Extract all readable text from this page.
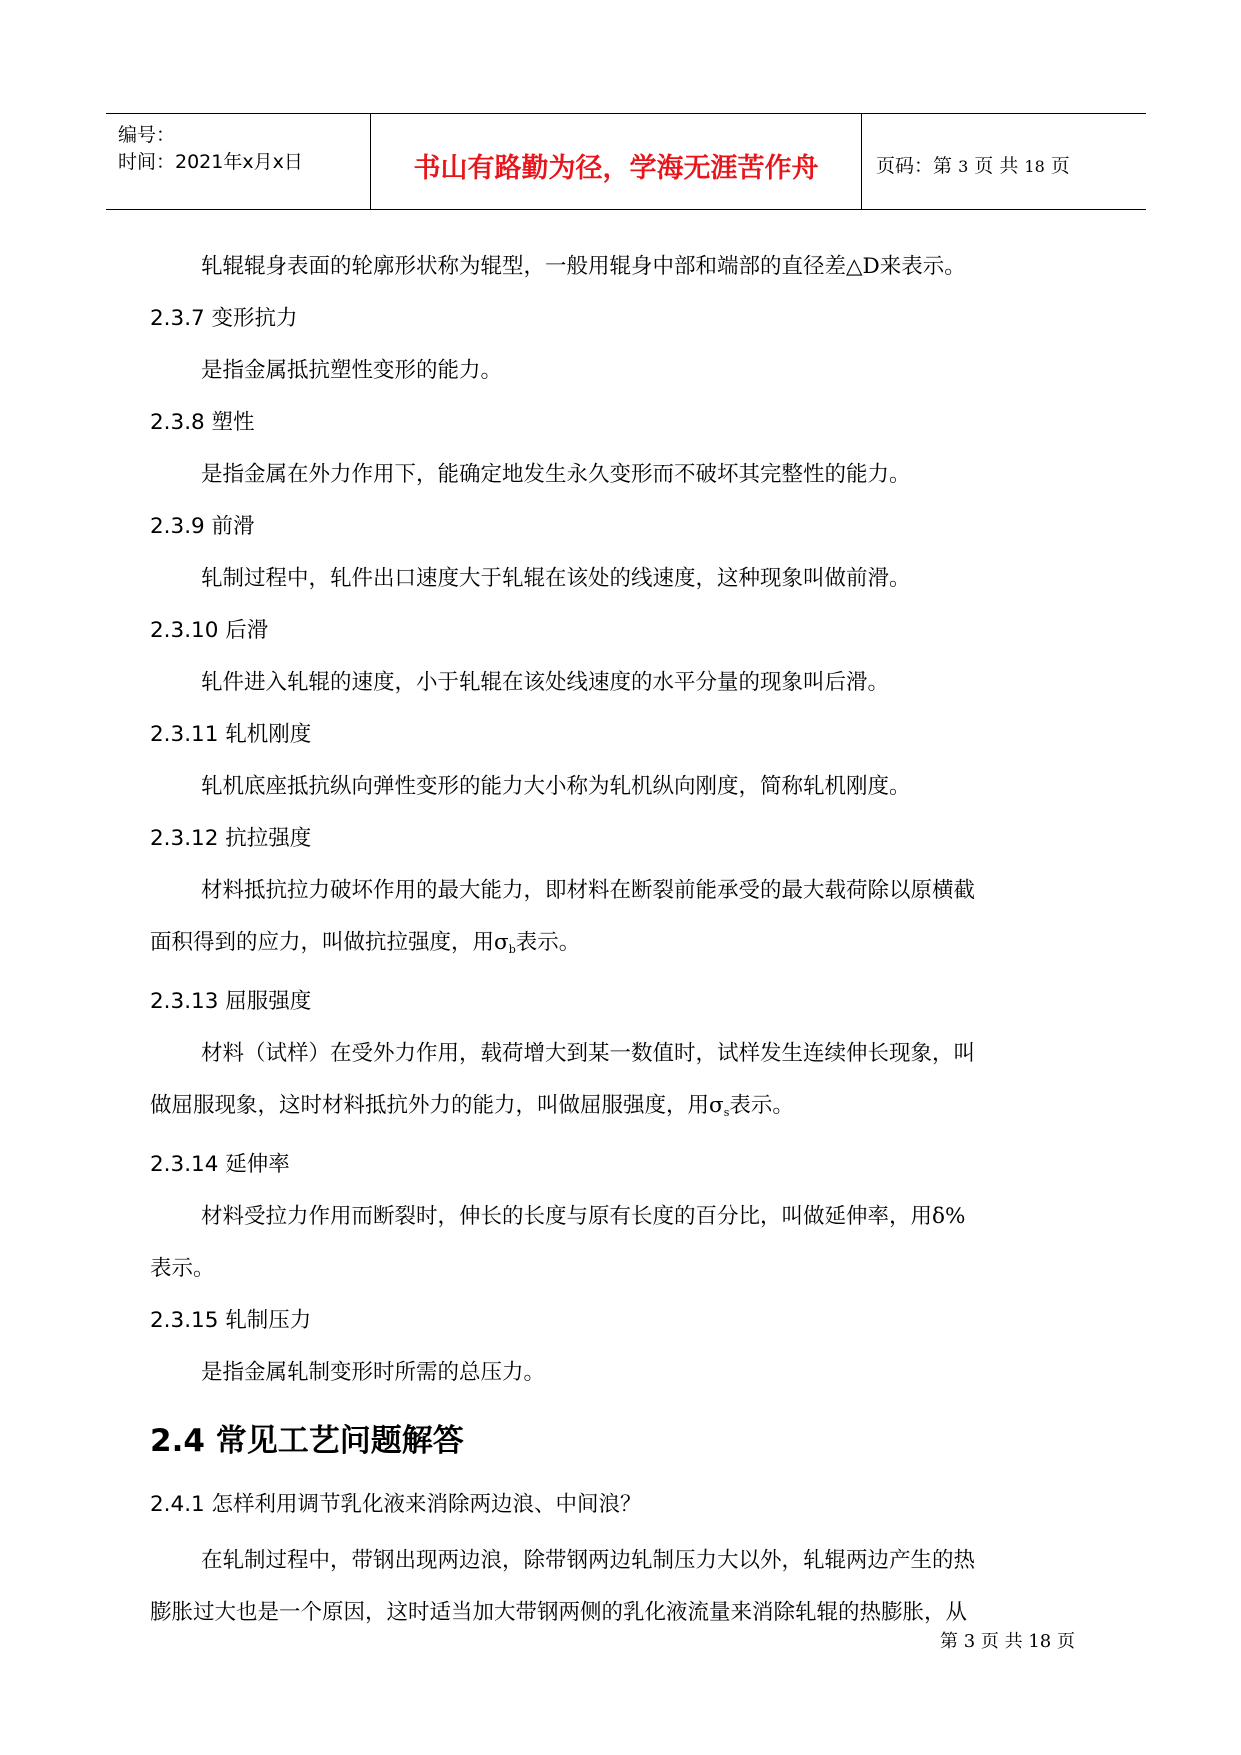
编号：
时间：2021年x月x日	书山有路勤为径，学海无涯苦作舟	页码：第 3 页 共 18 页

轧辊辊身表面的轮廓形状称为辊型，一般用辊身中部和端部的直径差△D来表示。

2.3.7 变形抗力

是指金属抵抗塑性变形的能力。

2.3.8 塑性

是指金属在外力作用下，能确定地发生永久变形而不破坏其完整性的能力。

2.3.9 前滑

轧制过程中，轧件出口速度大于轧辊在该处的线速度，这种现象叫做前滑。

2.3.10 后滑

轧件进入轧辊的速度，小于轧辊在该处线速度的水平分量的现象叫后滑。

2.3.11 轧机刚度

轧机底座抵抗纵向弹性变形的能力大小称为轧机纵向刚度，简称轧机刚度。

2.3.12 抗拉强度

材料抵抗拉力破坏作用的最大能力，即材料在断裂前能承受的最大载荷除以原横截

面积得到的应力，叫做抗拉强度，用$\sigma_b$表示。

2.3.13 屈服强度

材料（试样）在受外力作用，载荷增大到某一数值时，试样发生连续伸长现象，叫

做屈服现象，这时材料抵抗外力的能力，叫做屈服强度，用$\sigma_s$表示。

2.3.14 延伸率

材料受拉力作用而断裂时，伸长的长度与原有长度的百分比，叫做延伸率，用δ%

表示。

2.3.15 轧制压力

是指金属轧制变形时所需的总压力。

2.4 常见工艺问题解答

2.4.1 怎样利用调节乳化液来消除两边浪、中间浪？

在轧制过程中，带钢出现两边浪，除带钢两边轧制压力大以外，轧辊两边产生的热

膨胀过大也是一个原因，这时适当加大带钢两侧的乳化液流量来消除轧辊的热膨胀，从

第 3 页 共 18 页
